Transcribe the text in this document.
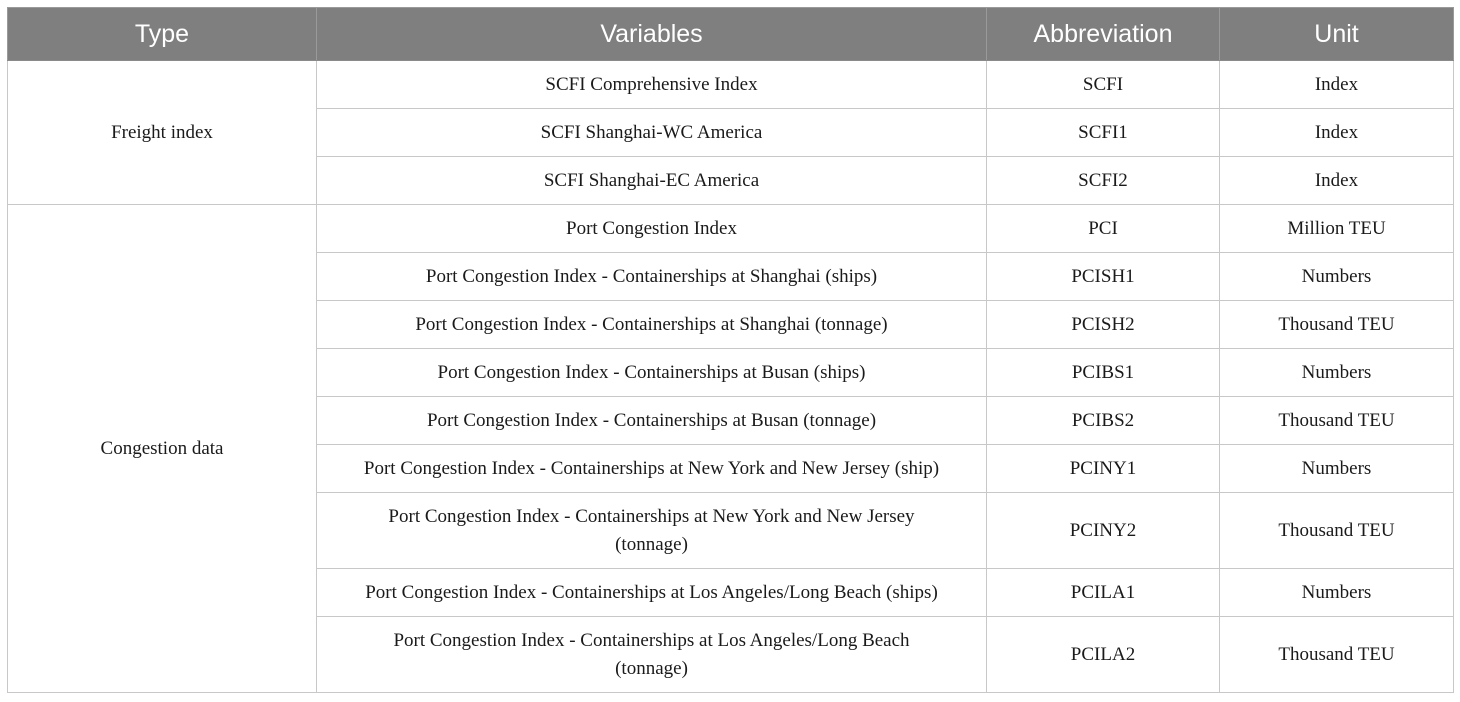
Type	Variables	Abbreviation	Unit
Freight index	SCFI Comprehensive Index	SCFI	Index
	SCFI Shanghai-WC America	SCFI1	Index
	SCFI Shanghai-EC America	SCFI2	Index
Congestion data	Port Congestion Index	PCI	Million TEU
	Port Congestion Index - Containerships at Shanghai (ships)	PCISH1	Numbers
	Port Congestion Index - Containerships at Shanghai (tonnage)	PCISH2	Thousand TEU
	Port Congestion Index - Containerships at Busan (ships)	PCIBS1	Numbers
	Port Congestion Index - Containerships at Busan (tonnage)	PCIBS2	Thousand TEU
	Port Congestion Index - Containerships at New York and New Jersey (ship)	PCINY1	Numbers
	Port Congestion Index - Containerships at New York and New Jersey (tonnage)	PCINY2	Thousand TEU
	Port Congestion Index - Containerships at Los Angeles/Long Beach (ships)	PCILA1	Numbers
	Port Congestion Index - Containerships at Los Angeles/Long Beach (tonnage)	PCILA2	Thousand TEU
